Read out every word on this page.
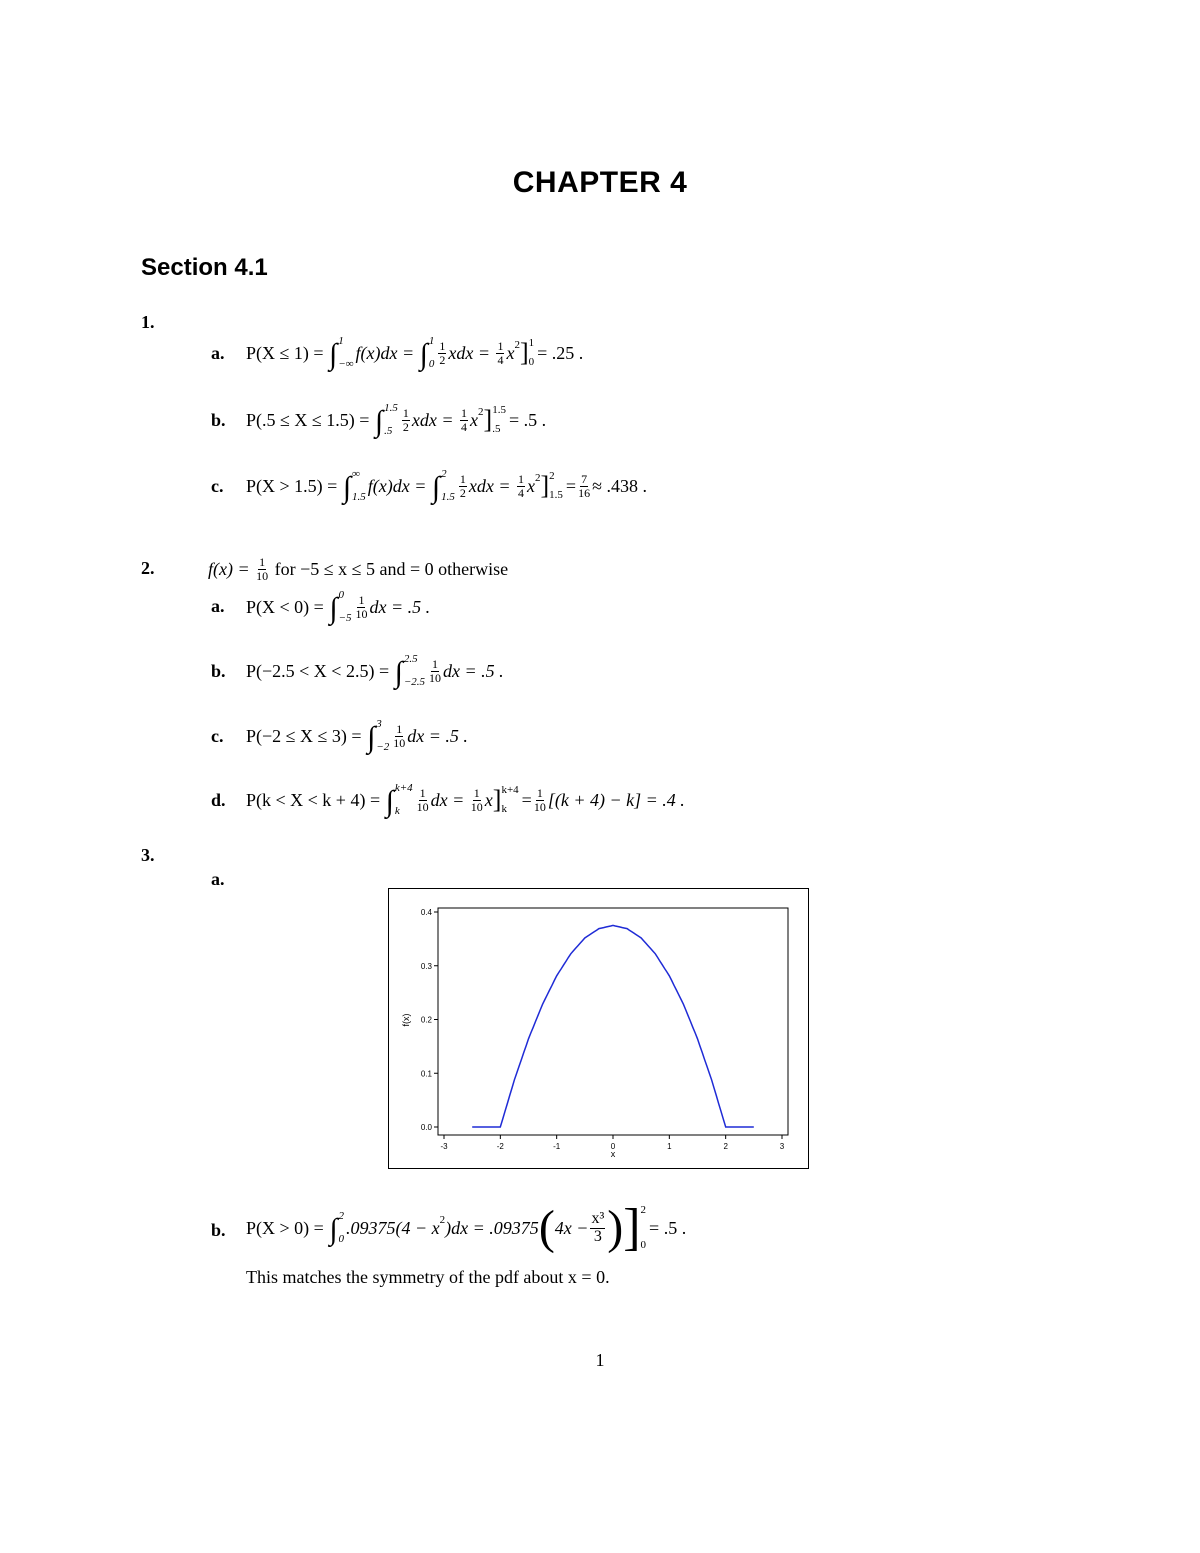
CHAPTER 4
Section 4.1
1.
a. P(X ≤ 1) =
∫ 1
−∞
f(x)dx =
∫ 1
$0 \frac{1}{2}$ xdx =
$\frac{1}{4}$ x 2 ] 1
0 = .25 .
b. P(.5 ≤ X ≤ 1.5) =
∫ 1.5
$.5 \frac{1}{2}$ xdx =
$\frac{1}{4}$ x 2 ] 1.5
.5 = .5 .
c. P(X > 1.5) =
∫ ∞
1.5
f(x)dx =
∫ 2
$1.5 \frac{1}{2}$ xdx =
$\frac{1}{4}$ x 2 ] 2
$1.5 = \frac{7}{16} \approx .438$ .
2.	f(x) =
$\frac{1}{10}$
for −5 ≤ x ≤ 5 and = 0 otherwise
a. P(X < 0) =
∫ 0
$-5 \frac{1}{10}$ dx = .5 .
b. P(−2.5 < X < 2.5) =
∫ 2.5
$-2.5 \frac{1}{10}$ dx = .5 .
c. P(−2 ≤ X ≤ 3) =
∫ 3
$-2 \frac{1}{10}$ dx = .5 .
d. P(k < X < k + 4) =
∫ k+4
k	$\frac{1}{10}$ dx =
$\frac{1}{10}$ x ] k+4
$k = \frac{1}{10} [(k + 4) - k] = .4$ .
3.
a.
0.0
0.1
0.2
0.3
0.4
-3	-2	-1	0	1	2	3
f(x)
x
b. P(X > 0) =
∫ 2
0
.09375(4 − x 2 )dx = .09375 ( $4x - \frac{\text{x³}}{3}$ ) ] 2
0
= .5 .
This matches the symmetry of the pdf about x = 0.
1
